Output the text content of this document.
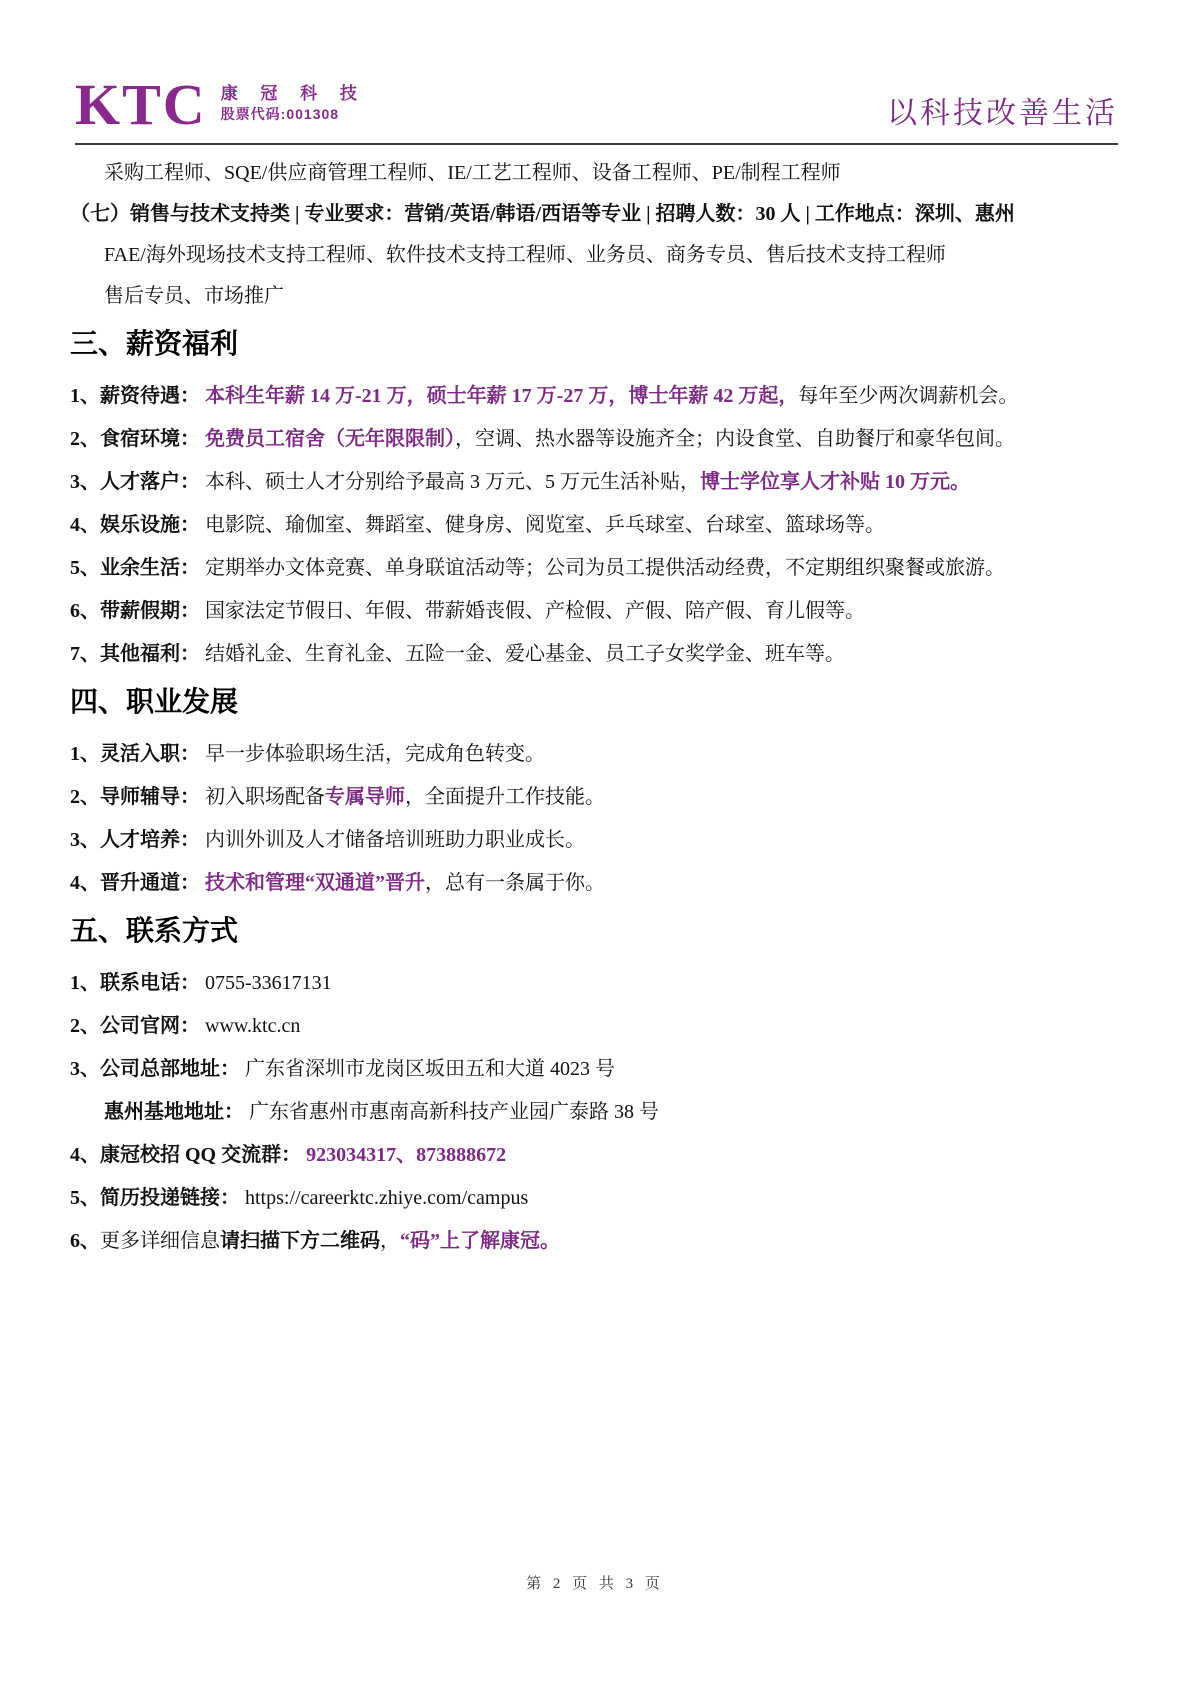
KTC 康 冠 科 技
股票代码:001308	以科技改善生活
采购工程师、SQE/供应商管理工程师、IE/工艺工程师、设备工程师、PE/制程工程师
（七）销售与技术支持类 | 专业要求：营销/英语/韩语/西语等专业 | 招聘人数：30 人 | 工作地点：深圳、惠州
FAE/海外现场技术支持工程师、软件技术支持工程师、业务员、商务专员、售后技术支持工程师
售后专员、市场推广
三、薪资福利
1、薪资待遇： 本科生年薪 14 万-21 万，硕士年薪 17 万-27 万，博士年薪 42 万起，每年至少两次调薪机会。
2、食宿环境： 免费员工宿舍（无年限限制），空调、热水器等设施齐全；内设食堂、自助餐厅和豪华包间。
3、人才落户： 本科、硕士人才分别给予最高 3 万元、5 万元生活补贴，博士学位享人才补贴 10 万元。
4、娱乐设施： 电影院、瑜伽室、舞蹈室、健身房、阅览室、乒乓球室、台球室、篮球场等。
5、业余生活： 定期举办文体竞赛、单身联谊活动等；公司为员工提供活动经费，不定期组织聚餐或旅游。
6、带薪假期： 国家法定节假日、年假、带薪婚丧假、产检假、产假、陪产假、育儿假等。
7、其他福利： 结婚礼金、生育礼金、五险一金、爱心基金、员工子女奖学金、班车等。
四、职业发展
1、灵活入职： 早一步体验职场生活，完成角色转变。
2、导师辅导： 初入职场配备专属导师，全面提升工作技能。
3、人才培养： 内训外训及人才储备培训班助力职业成长。
4、晋升通道： 技术和管理“双通道”晋升，总有一条属于你。
五、联系方式
1、联系电话： 0755-33617131
2、公司官网： www.ktc.cn
3、公司总部地址： 广东省深圳市龙岗区坂田五和大道 4023 号
惠州基地地址： 广东省惠州市惠南高新科技产业园广泰路 38 号
4、康冠校招 QQ 交流群： 923034317、873888672
5、简历投递链接： https://careerktc.zhiye.com/campus
6、更多详细信息请扫描下方二维码，“码”上了解康冠。
第 2 页 共 3 页
